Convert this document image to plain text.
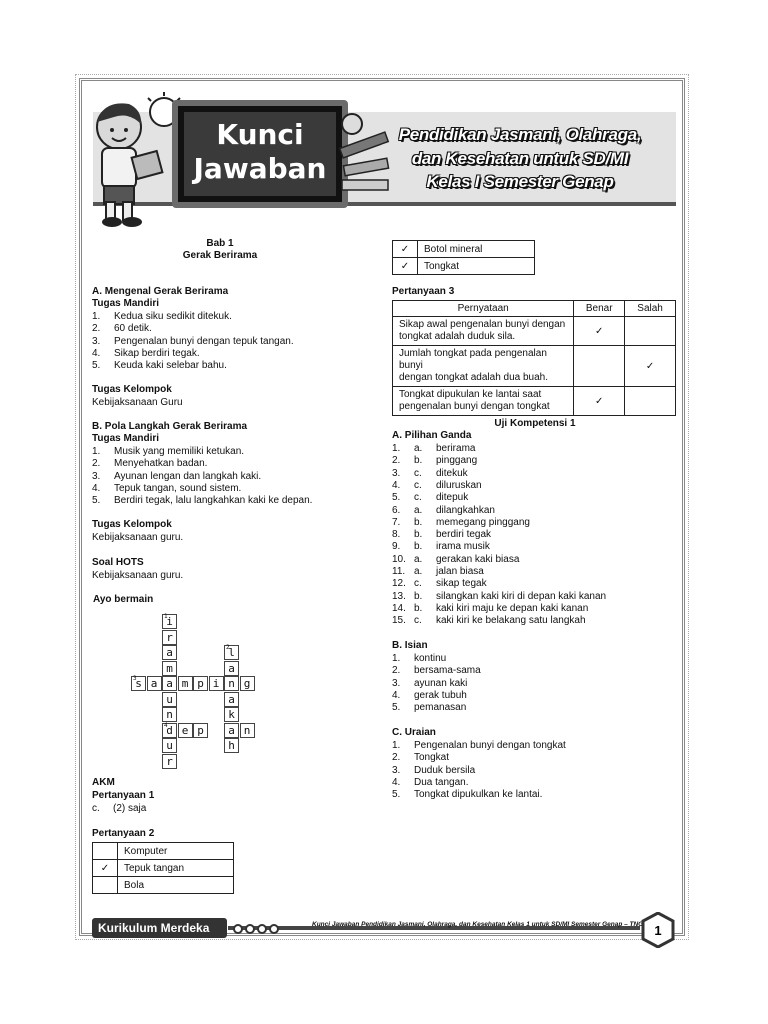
Kunci
Jawaban
Pendidikan Jasmani, Olahraga,
dan Kesehatan untuk SD/MI
Kelas I Semester Genap
Bab 1
Gerak Berirama
A. Mengenal Gerak Berirama
Tugas Mandiri
1. Kedua siku sedikit ditekuk.
2. 60 detik.
3. Pengenalan bunyi dengan tepuk tangan.
4. Sikap berdiri tegak.
5. Keuda kaki selebar bahu.
Tugas Kelompok
Kebijaksanaan Guru
B. Pola Langkah Gerak Berirama
Tugas Mandiri
1. Musik yang memiliki ketukan.
2. Menyehatkan badan.
3. Ayunan lengan dan langkah kaki.
4. Tepuk tangan, sound sistem.
5. Berdiri tegak, lalu langkahkan kaki ke depan.
Tugas Kelompok
Kebijaksanaan guru.
Soal HOTS
Kebijaksanaan guru.
Ayo bermain
1
i
r
a
m
a
u
n
4
d
u
r
3
s a	m p i n g
2
l
a
a
k
a
h
e p	n
AKM
Pertanyaan 1
c. (2) saja
Pertanyaan 2
	Komputer
✓	Tepuk tangan
	Bola
✓	Botol mineral
✓	Tongkat
Pertanyaan 3
Pernyataan	Benar	Salah

Sikap awal pengenalan bunyi dengan
tongkat adalah duduk sila.	✓	

Jumlah tongkat pada pengenalan bunyi
dengan tongkat adalah dua buah.		✓

Tongkat dipukulan ke lantai saat
pengenalan bunyi dengan tongkat	✓	
Uji Kompetensi 1
A. Pilihan Ganda
1. a. berirama
2. b. pinggang
3. c. ditekuk
4. c. diluruskan
5. c. ditepuk
6. a. dilangkahkan
7. b. memegang pinggang
8. b. berdiri tegak
9. b. irama musik
10. a. gerakan kaki biasa
11. a. jalan biasa
12. c. sikap tegak
13. b. silangkan kaki kiri di depan kaki kanan
14. b. kaki kiri maju ke depan kaki kanan
15. c. kaki kiri ke belakang satu langkah
B. Isian
1. kontinu
2. bersama-sama
3. ayunan kaki
4. gerak tubuh
5. pemanasan
C. Uraian
1. Pengenalan bunyi dengan tongkat
2. Tongkat
3. Duduk bersila
4. Dua tangan.
5. Tongkat dipukulkan ke lantai.
Kurikulum Merdeka	Kunci Jawaban Pendidikan Jasmani, Olahraga, dan Kesehatan Kelas 1 untuk SD/MI Semester Genap – TNG 1
